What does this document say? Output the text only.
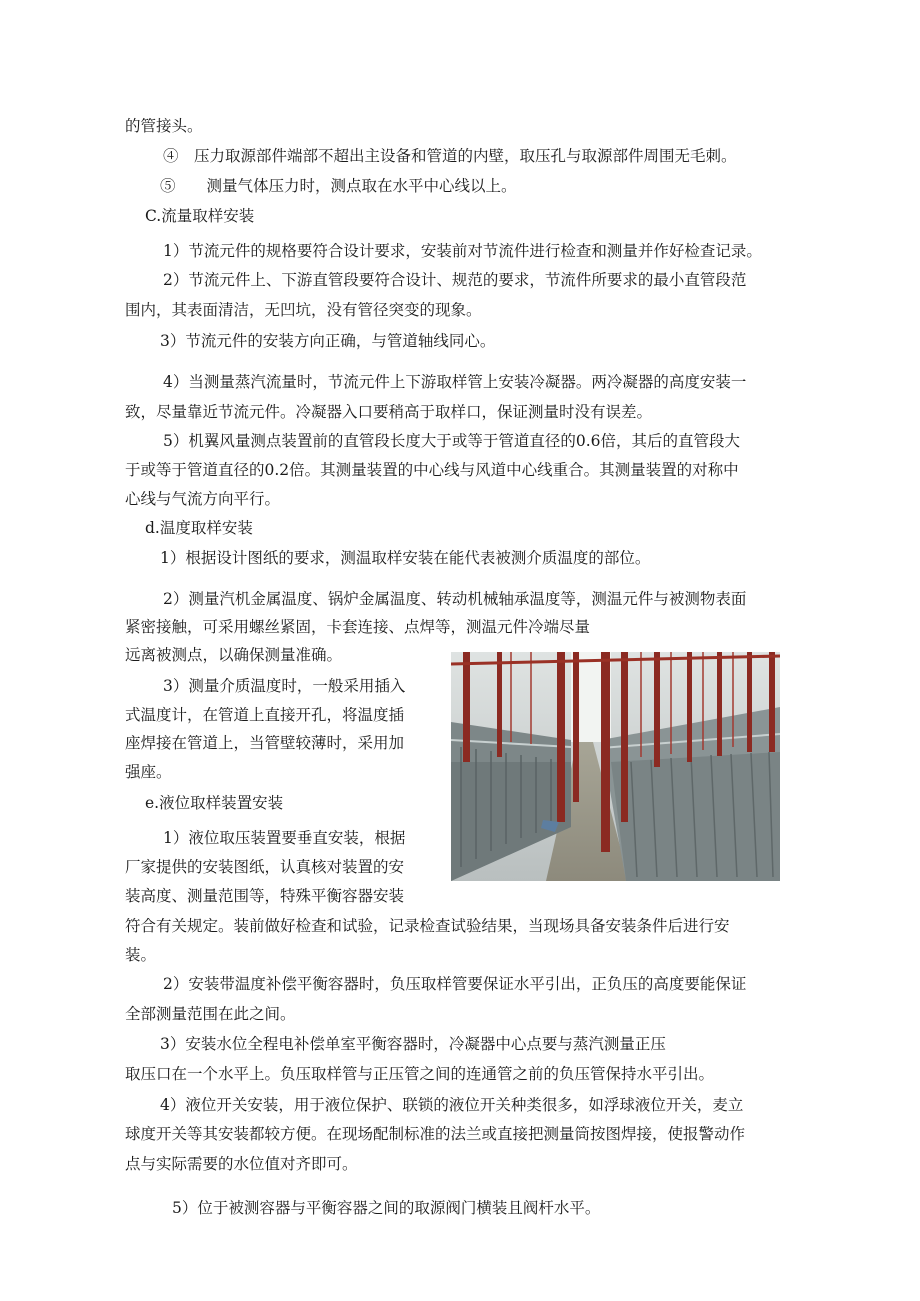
的管接头。
④　压力取源部件端部不超出主设备和管道的内壁，取压孔与取源部件周围无毛刺。
⑤　　测量气体压力时，测点取在水平中心线以上。
C.流量取样安装
1）节流元件的规格要符合设计要求，安装前对节流件进行检查和测量并作好检查记录。
2）节流元件上、下游直管段要符合设计、规范的要求，节流件所要求的最小直管段范
围内，其表面清洁，无凹坑，没有管径突变的现象。
3）节流元件的安装方向正确，与管道轴线同心。
4）当测量蒸汽流量时，节流元件上下游取样管上安装冷凝器。两冷凝器的高度安装一
致，尽量靠近节流元件。冷凝器入口要稍高于取样口，保证测量时没有误差。
5）机翼风量测点装置前的直管段长度大于或等于管道直径的0.6倍，其后的直管段大
于或等于管道直径的0.2倍。其测量装置的中心线与风道中心线重合。其测量装置的对称中
心线与气流方向平行。
d.温度取样安装
1）根据设计图纸的要求，测温取样安装在能代表被测介质温度的部位。
2）测量汽机金属温度、锅炉金属温度、转动机械轴承温度等，测温元件与被测物表面
紧密接触，可采用螺丝紧固，卡套连接、点焊等，测温元件冷端尽量
远离被测点，以确保测量准确。
3）测量介质温度时，一般采用插入
式温度计，在管道上直接开孔，将温度插
座焊接在管道上，当管壁较薄时，采用加
强座。
e.液位取样装置安装
1）液位取压装置要垂直安装，根据
厂家提供的安装图纸，认真核对装置的安
装高度、测量范围等，特殊平衡容器安装
符合有关规定。装前做好检查和试验，记录检查试验结果，当现场具备安装条件后进行安
装。
2）安装带温度补偿平衡容器时，负压取样管要保证水平引出，正负压的高度要能保证
全部测量范围在此之间。
3）安装水位全程电补偿单室平衡容器时，冷凝器中心点要与蒸汽测量正压
取压口在一个水平上。负压取样管与正压管之间的连通管之前的负压管保持水平引出。
4）液位开关安装，用于液位保护、联锁的液位开关种类很多，如浮球液位开关，麦立
球度开关等其安装都较方便。在现场配制标准的法兰或直接把测量筒按图焊接，使报警动作
点与实际需要的水位值对齐即可。
5）位于被测容器与平衡容器之间的取源阀门横装且阀杆水平。
